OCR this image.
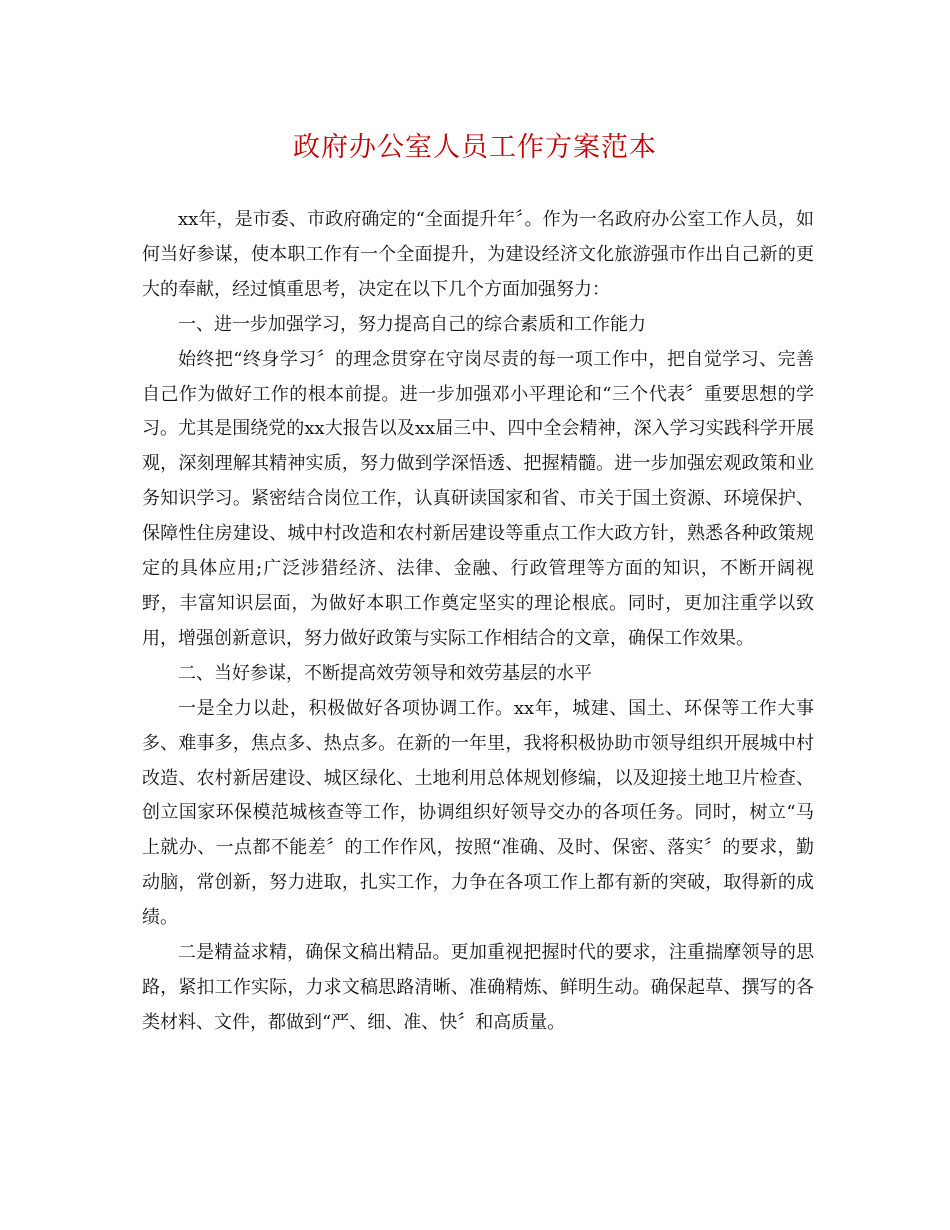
政府办公室人员工作方案范本

xx年，是市委、市政府确定的“全面提升年〞。作为一名政府办公室工作人员，如何当好参谋，使本职工作有一个全面提升，为建设经济文化旅游强市作出自己新的更大的奉献，经过慎重思考，决定在以下几个方面加强努力：

一、进一步加强学习，努力提高自己的综合素质和工作能力

始终把“终身学习〞的理念贯穿在守岗尽责的每一项工作中，把自觉学习、完善自己作为做好工作的根本前提。进一步加强邓小平理论和“三个代表〞重要思想的学习。尤其是围绕党的xx大报告以及xx届三中、四中全会精神，深入学习实践科学开展观，深刻理解其精神实质，努力做到学深悟透、把握精髓。进一步加强宏观政策和业务知识学习。紧密结合岗位工作，认真研读国家和省、市关于国土资源、环境保护、保障性住房建设、城中村改造和农村新居建设等重点工作大政方针，熟悉各种政策规定的具体应用;广泛涉猎经济、法律、金融、行政管理等方面的知识，不断开阔视野，丰富知识层面，为做好本职工作奠定坚实的理论根底。同时，更加注重学以致用，增强创新意识，努力做好政策与实际工作相结合的文章，确保工作效果。

二、当好参谋，不断提高效劳领导和效劳基层的水平

一是全力以赴，积极做好各项协调工作。xx年，城建、国土、环保等工作大事多、难事多，焦点多、热点多。在新的一年里，我将积极协助市领导组织开展城中村改造、农村新居建设、城区绿化、土地利用总体规划修编，以及迎接土地卫片检查、创立国家环保模范城核查等工作，协调组织好领导交办的各项任务。同时，树立“马上就办、一点都不能差〞的工作作风，按照“准确、及时、保密、落实〞的要求，勤动脑，常创新，努力进取，扎实工作，力争在各项工作上都有新的突破，取得新的成绩。

二是精益求精，确保文稿出精品。更加重视把握时代的要求，注重揣摩领导的思路，紧扣工作实际，力求文稿思路清晰、准确精炼、鲜明生动。确保起草、撰写的各类材料、文件，都做到“严、细、准、快〞和高质量。
